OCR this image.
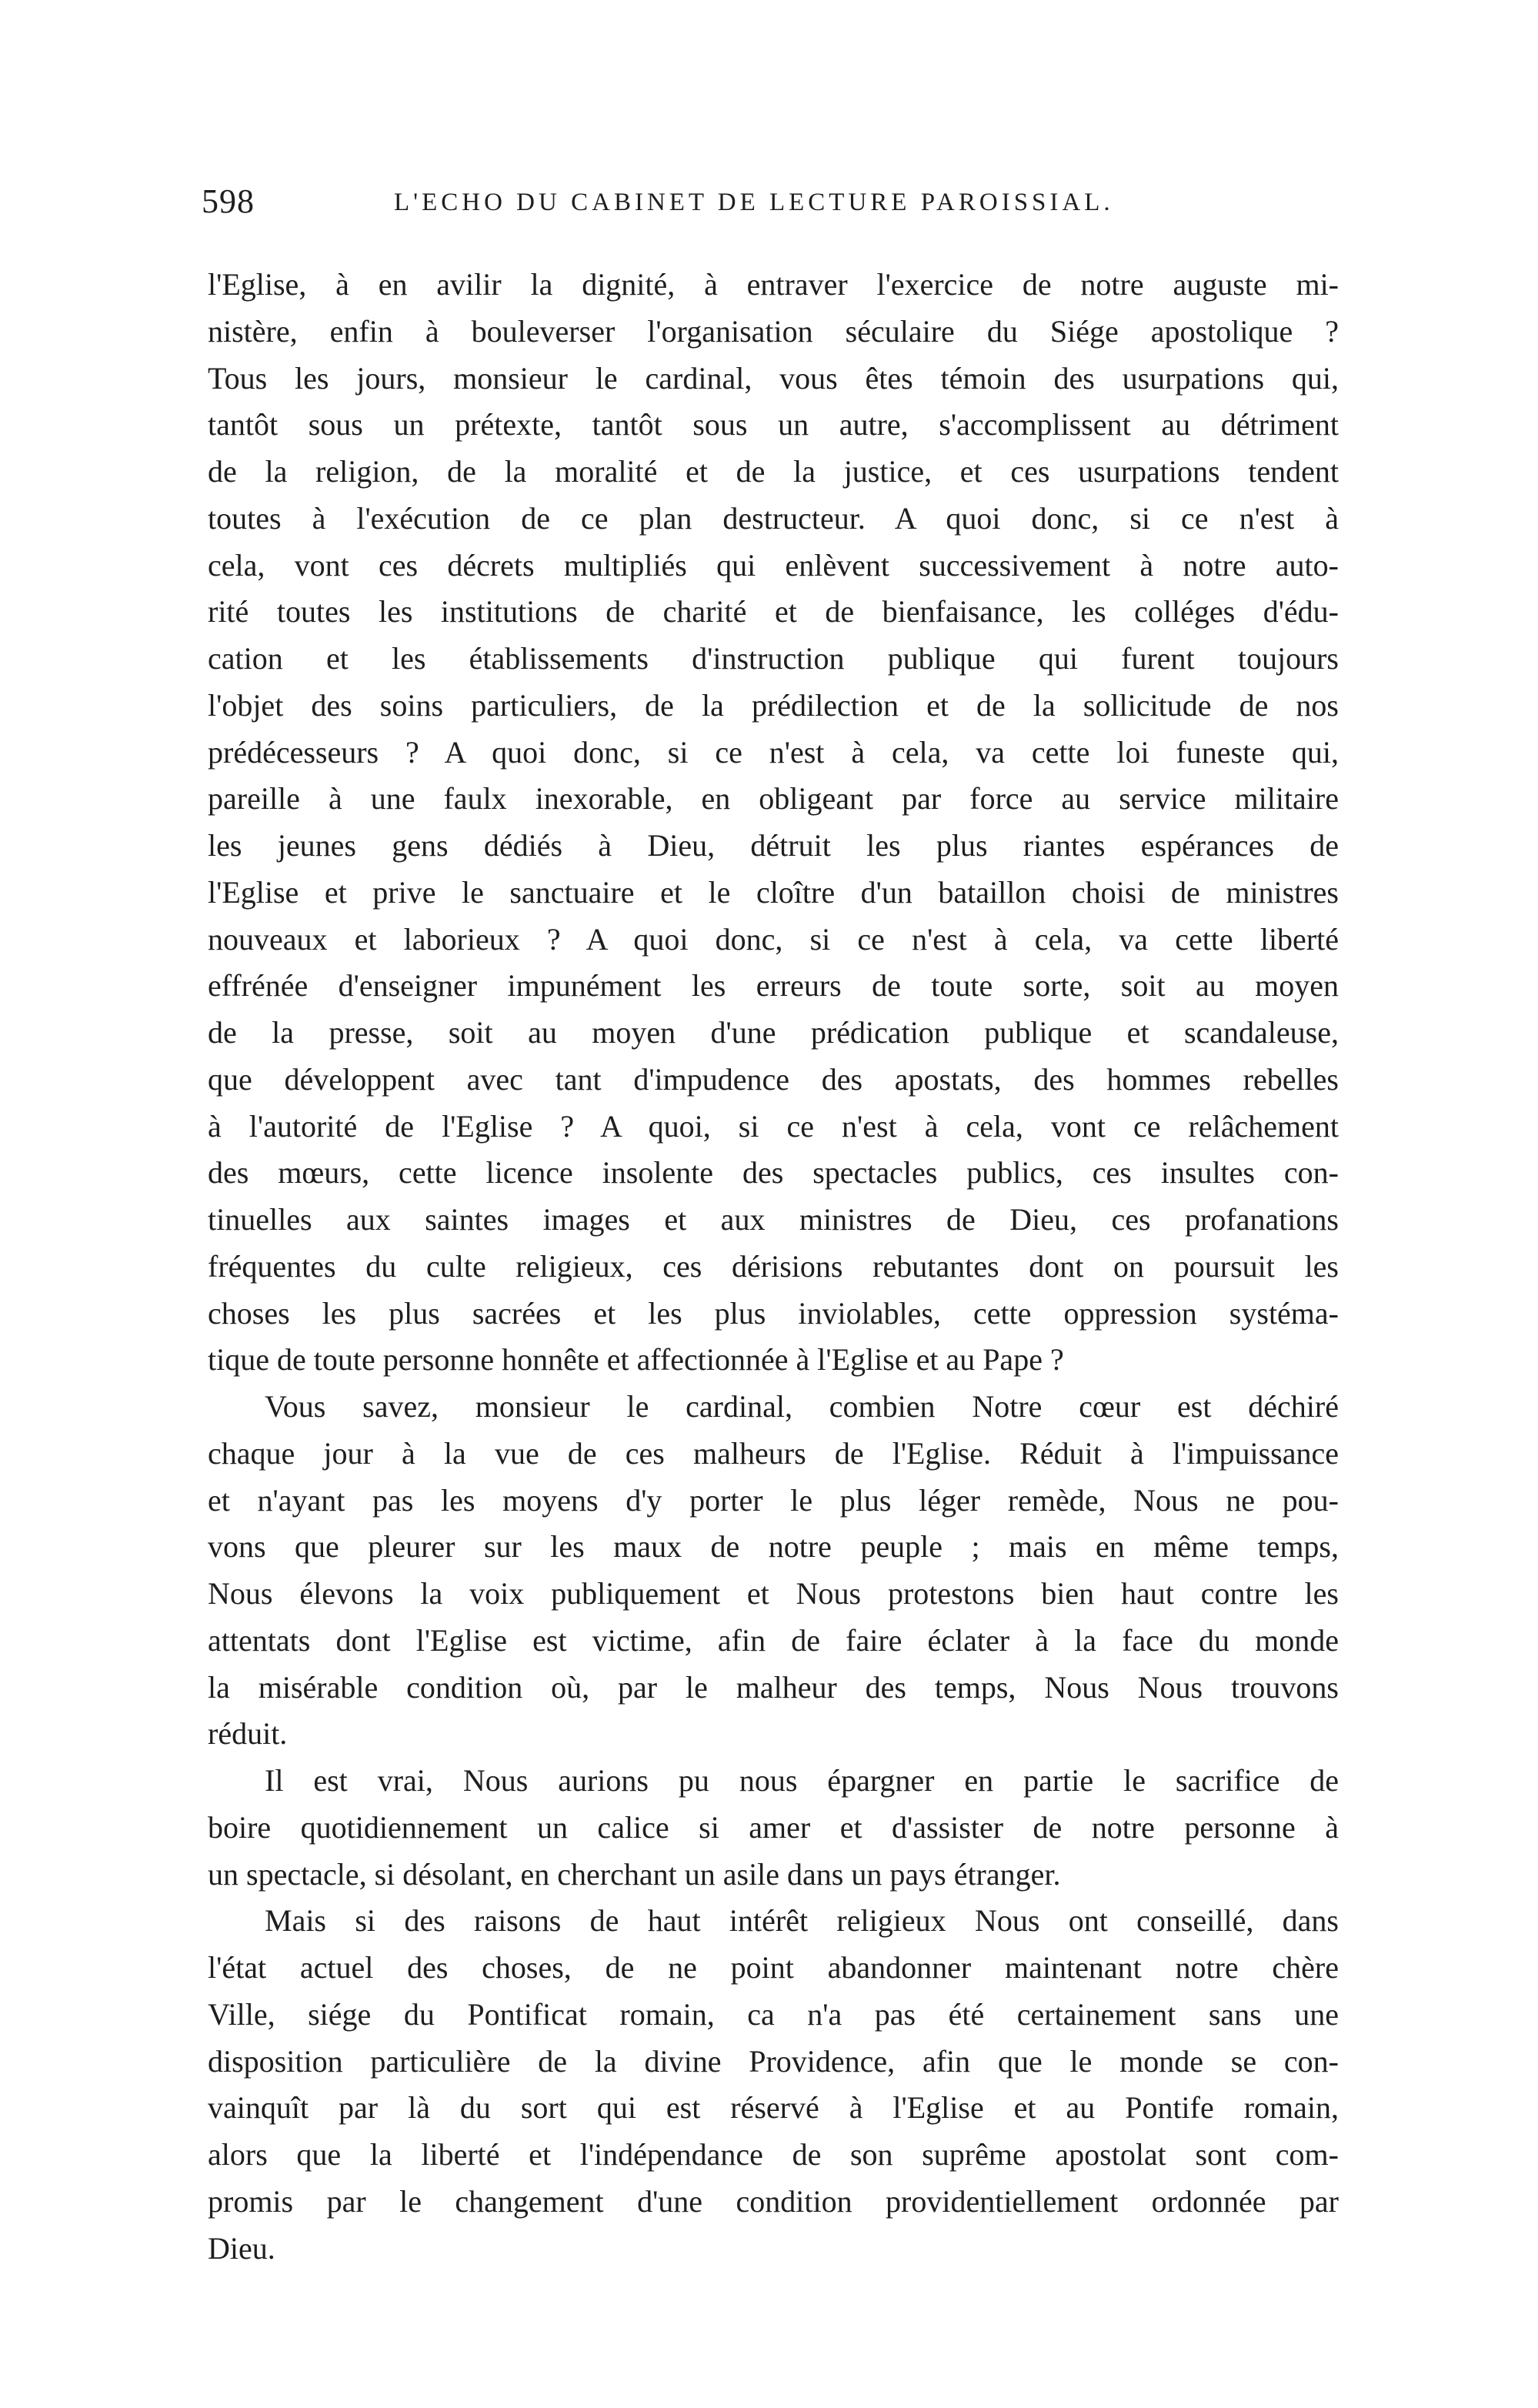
598	L'ECHO DU CABINET DE LECTURE PAROISSIAL.
l'Eglise, à en avilir la dignité, à entraver l'exercice de notre auguste mi-
nistère, enfin à bouleverser l'organisation séculaire du Siége apostolique ?
Tous les jours, monsieur le cardinal, vous êtes témoin des usurpations qui,
tantôt sous un prétexte, tantôt sous un autre, s'accomplissent au détriment
de la religion, de la moralité et de la justice, et ces usurpations tendent
toutes à l'exécution de ce plan destructeur. A quoi donc, si ce n'est à
cela, vont ces décrets multipliés qui enlèvent successivement à notre auto-
rité toutes les institutions de charité et de bienfaisance, les colléges d'édu-
cation et les établissements d'instruction publique qui furent toujours
l'objet des soins particuliers, de la prédilection et de la sollicitude de nos
prédécesseurs ? A quoi donc, si ce n'est à cela, va cette loi funeste qui,
pareille à une faulx inexorable, en obligeant par force au service militaire
les jeunes gens dédiés à Dieu, détruit les plus riantes espérances de
l'Eglise et prive le sanctuaire et le cloître d'un bataillon choisi de ministres
nouveaux et laborieux ? A quoi donc, si ce n'est à cela, va cette liberté
effrénée d'enseigner impunément les erreurs de toute sorte, soit au moyen
de la presse, soit au moyen d'une prédication publique et scandaleuse,
que développent avec tant d'impudence des apostats, des hommes rebelles
à l'autorité de l'Eglise ? A quoi, si ce n'est à cela, vont ce relâchement
des mœurs, cette licence insolente des spectacles publics, ces insultes con-
tinuelles aux saintes images et aux ministres de Dieu, ces profanations
fréquentes du culte religieux, ces dérisions rebutantes dont on poursuit les
choses les plus sacrées et les plus inviolables, cette oppression systéma-
tique de toute personne honnête et affectionnée à l'Eglise et au Pape ?
Vous savez, monsieur le cardinal, combien Notre cœur est déchiré
chaque jour à la vue de ces malheurs de l'Eglise. Réduit à l'impuissance
et n'ayant pas les moyens d'y porter le plus léger remède, Nous ne pou-
vons que pleurer sur les maux de notre peuple ; mais en même temps,
Nous élevons la voix publiquement et Nous protestons bien haut contre les
attentats dont l'Eglise est victime, afin de faire éclater à la face du monde
la misérable condition où, par le malheur des temps, Nous Nous trouvons
réduit.
Il est vrai, Nous aurions pu nous épargner en partie le sacrifice de
boire quotidiennement un calice si amer et d'assister de notre personne à
un spectacle, si désolant, en cherchant un asile dans un pays étranger.
Mais si des raisons de haut intérêt religieux Nous ont conseillé, dans
l'état actuel des choses, de ne point abandonner maintenant notre chère
Ville, siége du Pontificat romain, ca n'a pas été certainement sans une
disposition particulière de la divine Providence, afin que le monde se con-
vainquît par là du sort qui est réservé à l'Eglise et au Pontife romain,
alors que la liberté et l'indépendance de son suprême apostolat sont com-
promis par le changement d'une condition providentiellement ordonnée par
Dieu.
